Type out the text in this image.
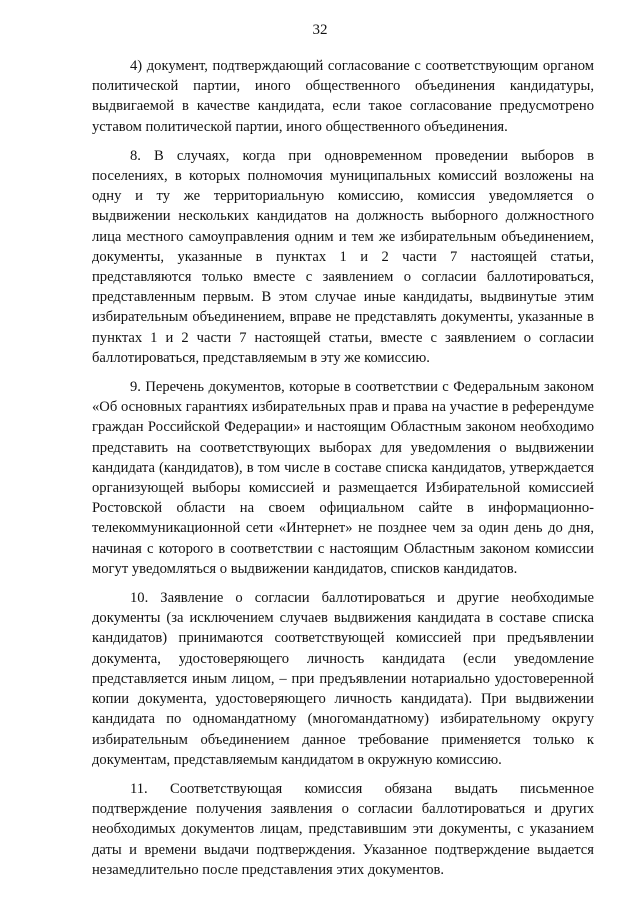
32

4) документ, подтверждающий согласование с соответствующим органом политической партии, иного общественного объединения кандидатуры, выдвигаемой в качестве кандидата, если такое согласование предусмотрено уставом политической партии, иного общественного объединения.

8. В случаях, когда при одновременном проведении выборов в поселениях, в которых полномочия муниципальных комиссий возложены на одну и ту же территориальную комиссию, комиссия уведомляется о выдвижении нескольких кандидатов на должность выборного должностного лица местного самоуправления одним и тем же избирательным объединением, документы, указанные в пунктах 1 и 2 части 7 настоящей статьи, представляются только вместе с заявлением о согласии баллотироваться, представленным первым. В этом случае иные кандидаты, выдвинутые этим избирательным объединением, вправе не представлять документы, указанные в пунктах 1 и 2 части 7 настоящей статьи, вместе с заявлением о согласии баллотироваться, представляемым в эту же комиссию.

9. Перечень документов, которые в соответствии с Федеральным законом «Об основных гарантиях избирательных прав и права на участие в референдуме граждан Российской Федерации» и настоящим Областным законом необходимо представить на соответствующих выборах для уведомления о выдвижении кандидата (кандидатов), в том числе в составе списка кандидатов, утверждается организующей выборы комиссией и размещается Избирательной комиссией Ростовской области на своем официальном сайте в информационно-телекоммуникационной сети «Интернет» не позднее чем за один день до дня, начиная с которого в соответствии с настоящим Областным законом комиссии могут уведомляться о выдвижении кандидатов, списков кандидатов.

10. Заявление о согласии баллотироваться и другие необходимые документы (за исключением случаев выдвижения кандидата в составе списка кандидатов) принимаются соответствующей комиссией при предъявлении документа, удостоверяющего личность кандидата (если уведомление представляется иным лицом, – при предъявлении нотариально удостоверенной копии документа, удостоверяющего личность кандидата). При выдвижении кандидата по одномандатному (многомандатному) избирательному округу избирательным объединением данное требование применяется только к документам, представляемым кандидатом в окружную комиссию.

11. Соответствующая комиссия обязана выдать письменное подтверждение получения заявления о согласии баллотироваться и других необходимых документов лицам, представившим эти документы, с указанием даты и времени выдачи подтверждения. Указанное подтверждение выдается незамедлительно после представления этих документов.
